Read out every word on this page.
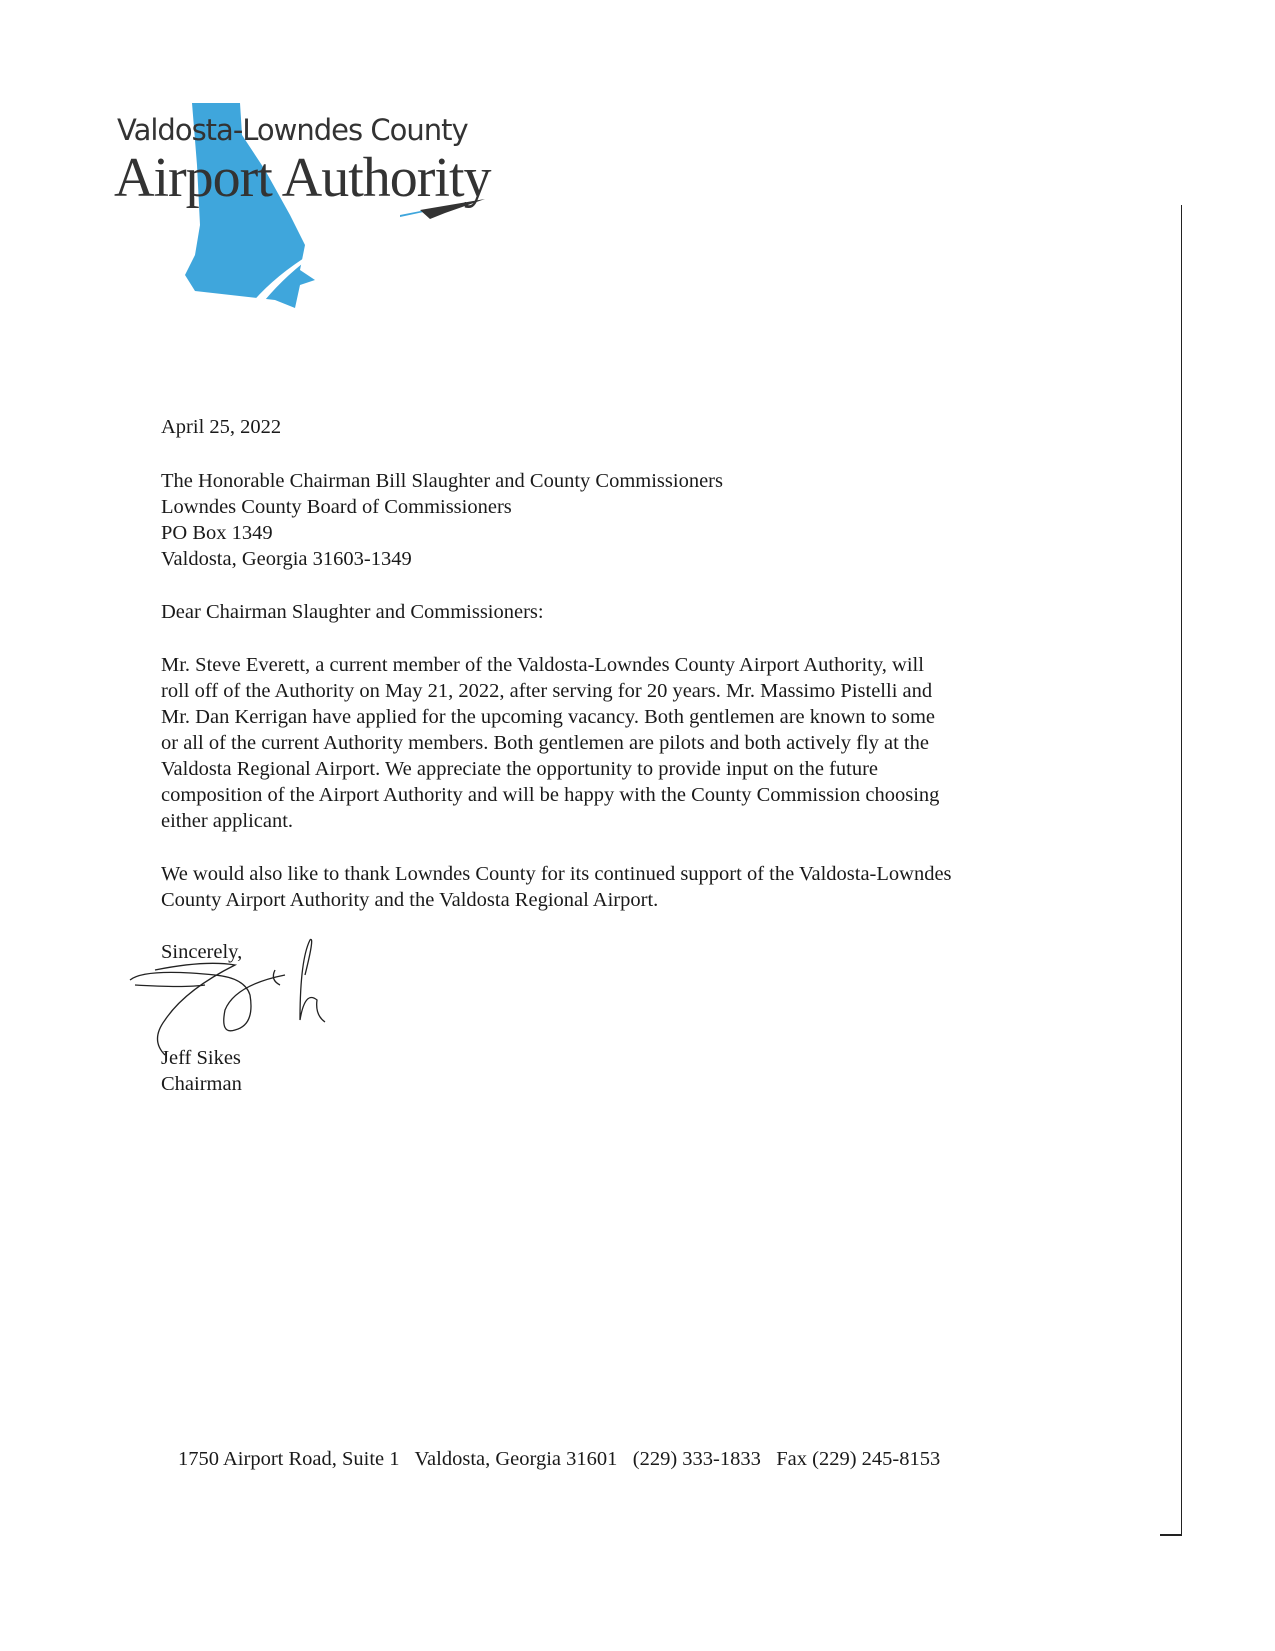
Valdosta-Lowndes County
Airport Authority
April 25, 2022
The Honorable Chairman Bill Slaughter and County Commissioners
Lowndes County Board of Commissioners
PO Box 1349
Valdosta, Georgia 31603-1349
Dear Chairman Slaughter and Commissioners:
Mr. Steve Everett, a current member of the Valdosta-Lowndes County Airport Authority, will
roll off of the Authority on May 21, 2022, after serving for 20 years. Mr. Massimo Pistelli and
Mr. Dan Kerrigan have applied for the upcoming vacancy. Both gentlemen are known to some
or all of the current Authority members. Both gentlemen are pilots and both actively fly at the
Valdosta Regional Airport. We appreciate the opportunity to provide input on the future
composition of the Airport Authority and will be happy with the County Commission choosing
either applicant.
We would also like to thank Lowndes County for its continued support of the Valdosta-Lowndes
County Airport Authority and the Valdosta Regional Airport.
Sincerely,
Jeff Sikes
Chairman
1750 Airport Road, Suite 1   Valdosta, Georgia 31601   (229) 333-1833   Fax (229) 245-8153
